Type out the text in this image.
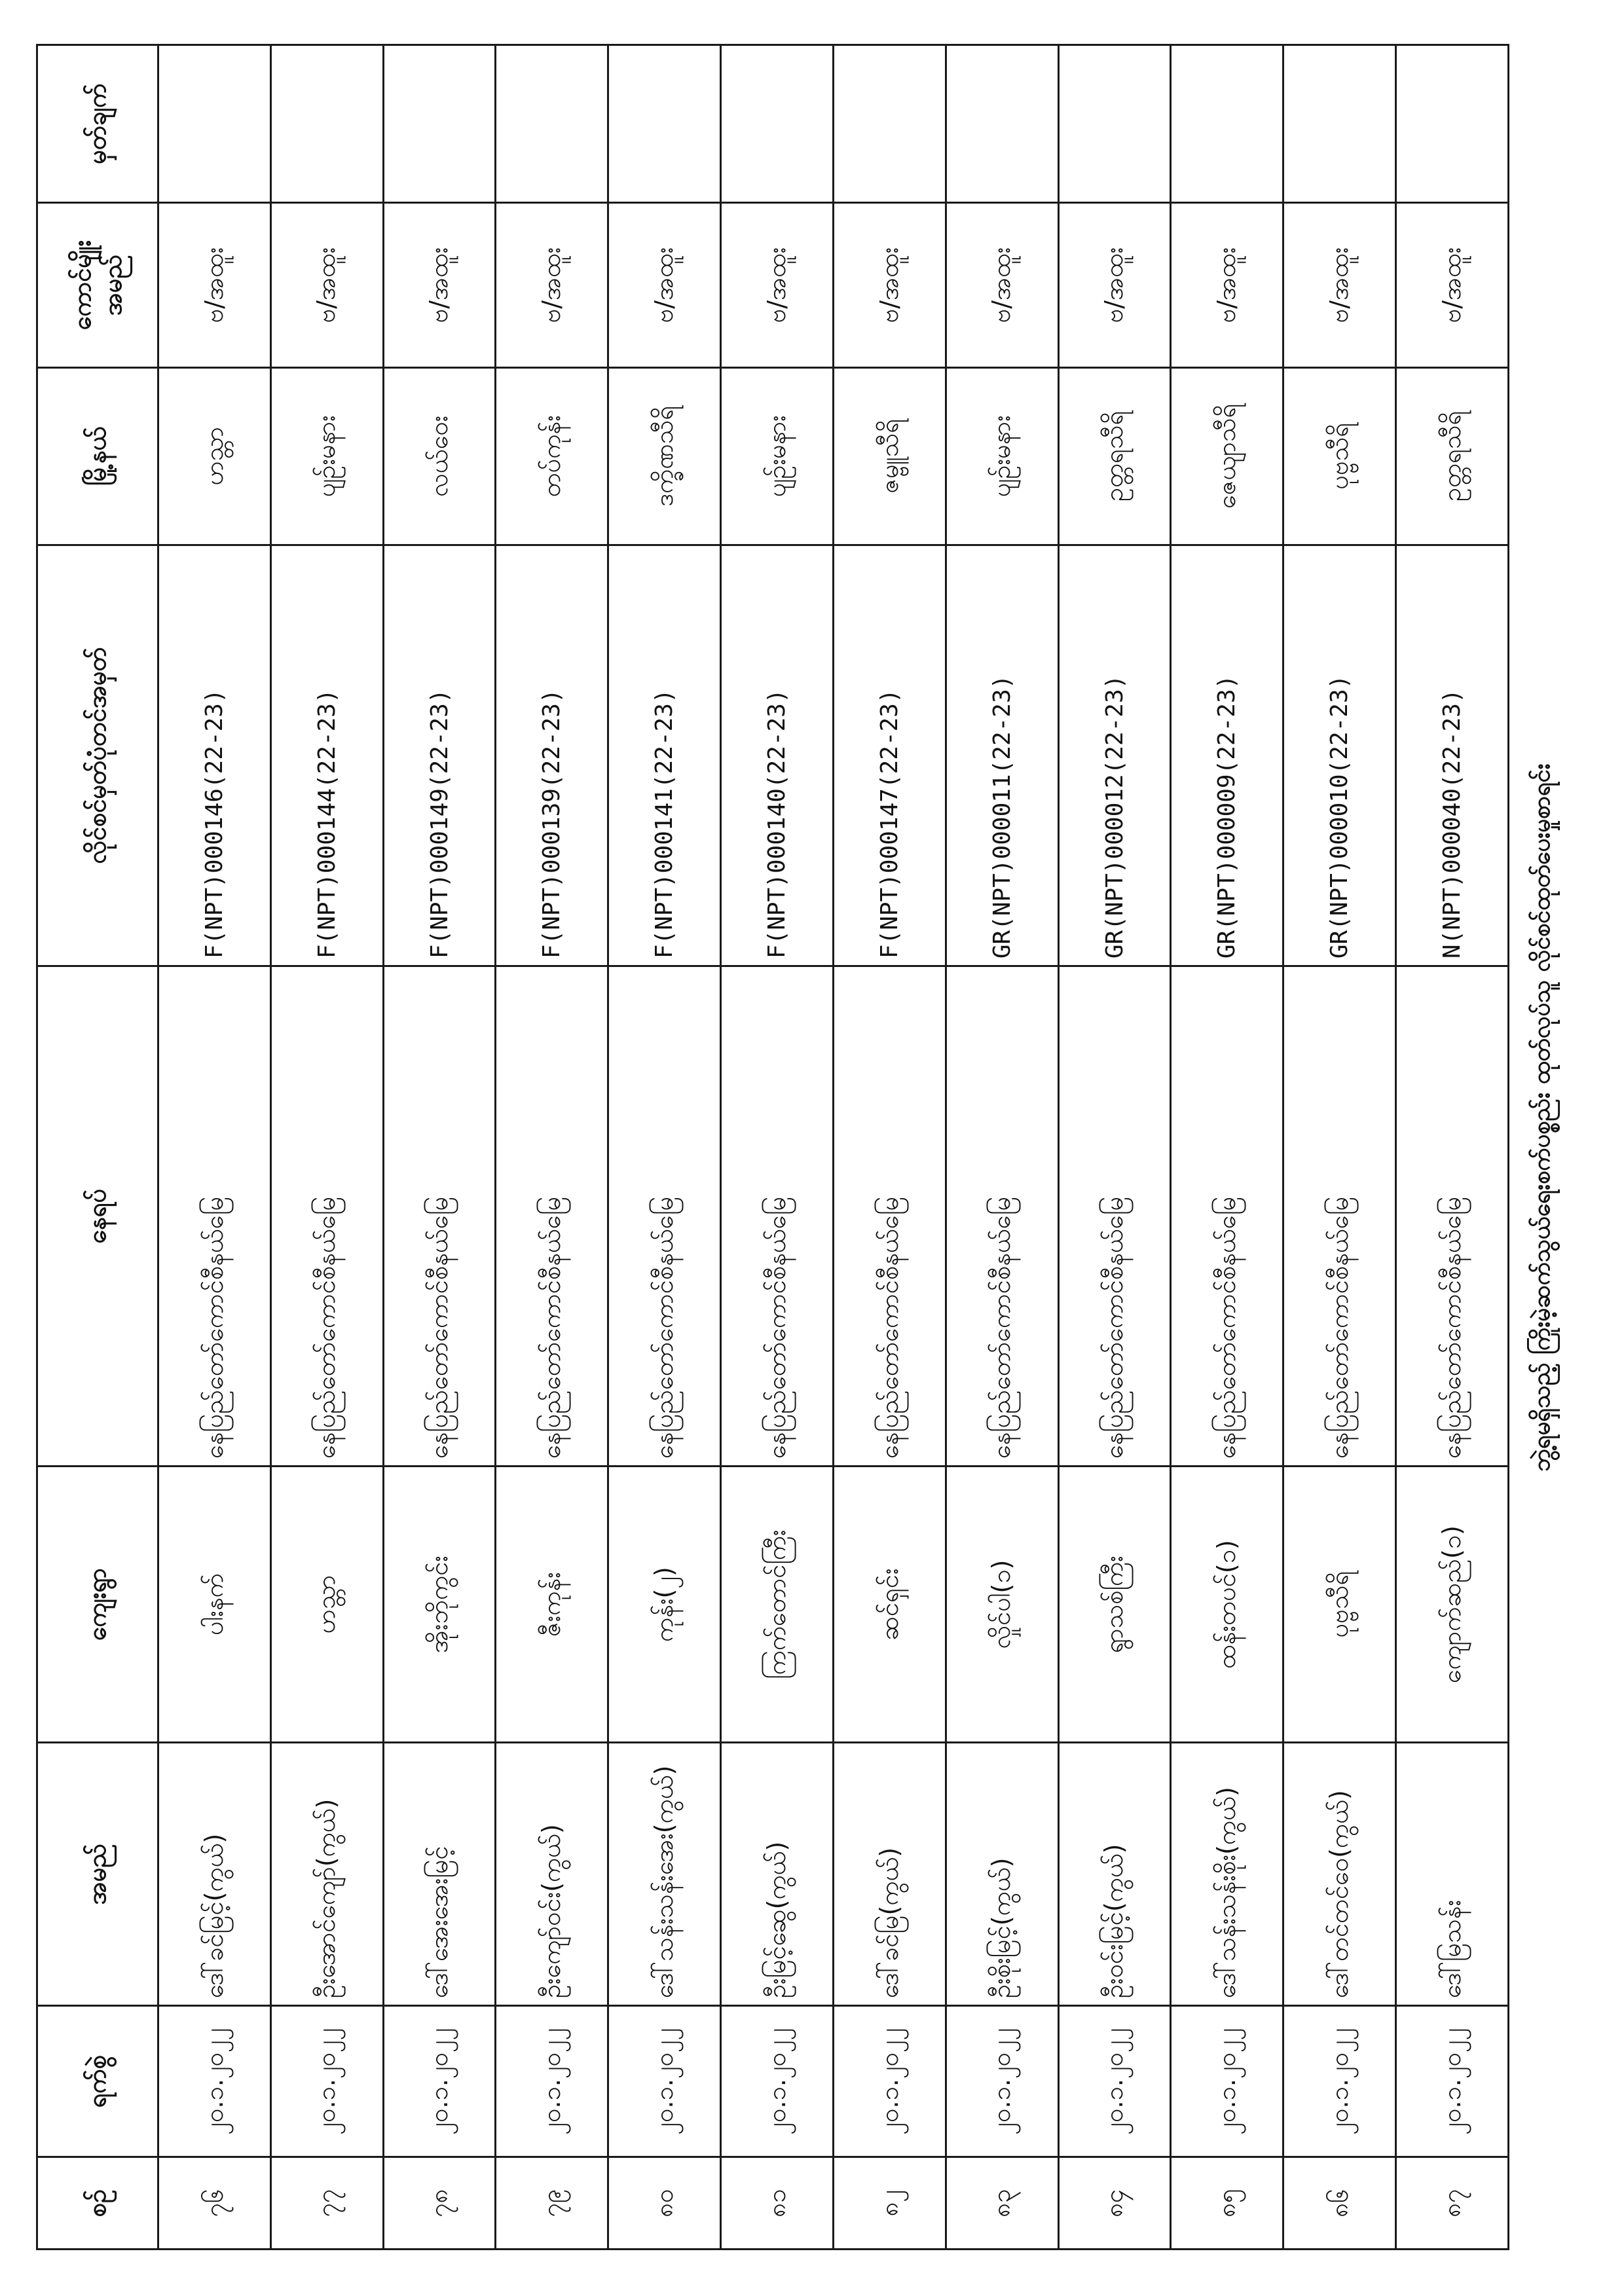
စဉ်	ရက်စွဲ	အမည်	ကျေးရွာ	နေရပ်	လိုင်စင်မှတ်ပုံတင်အမှတ်	မြို့နယ်	ကောင်မျိုးအမည်	မှတ်ချက်
၇၆	၂၀.၁.၂၀၂၂	ဒေါ်ခင်မြင့်(ကွယ်)	ပါးနက်	နေပြည်တော်ကောင်စီနယ်မြေ	F(NPT)000146(22-23)	ဟသ္တာ	ဗ/အထူး	
၇၇	၂၀.၁.၂၀၂၂	ဦးအောင်ကျော်(ကွယ်)	ဟသ္တာ	နေပြည်တော်ကောင်စီနယ်မြေ	F(NPT)000144(22-23)	ပျဉ်းမနား	ဗ/အထူး	
၇၈	၂၀.၁.၂၀၂၂	ဒေါ်အေးအေးမြင့်	အိုးဘိုကွင်း	နေပြည်တော်ကောင်စီနယ်မြေ	F(NPT)000149(22-23)	လယ်ဝေး	ဗ/အထူး	
၇၉	၂၀.၁.၂၀၂၂	ဦးကျော်ဝင်း(ကွယ်)	ဇီးကုန်း	နေပြည်တော်ကောင်စီနယ်မြေ	F(NPT)000139(22-23)	တပ်ကုန်း	ဗ/အထူး	
၈၀	၂၀.၁.၂၀၂၂	ဒေါ်သန်းသန်းအေး(ကွယ်)	ကုန်း(၂)	နေပြည်တော်ကောင်စီနယ်မြေ	F(NPT)000141(22-23)	ဒက္ခိဏသီရိ	ဗ/အထူး	
၈၁	၂၀.၁.၂၀၂၂	ဦးမြင့်ဆွေ(ကွယ်)	ကြက်တောင်ကြီး	နေပြည်တော်ကောင်စီနယ်မြေ	F(NPT)000140(22-23)	ပျဉ်းမနား	ဗ/အထူး	
၈၂	၂၀.၁.၂၀၂၂	ဒေါ်ခင်မြ(ကွယ်)	ဆင်ရှင်း	နေပြည်တော်ကောင်စီနယ်မြေ	F(NPT)000147(22-23)	ဇမ္ဗူသီရိ	ဗ/အထူး	
၈၃	၂၀.၁.၂၀၂၂	ဦးစိုးမြင့်(ကွယ်)	လှိုင်ပါ(၁)	နေပြည်တော်ကောင်စီနယ်မြေ	GR(NPT)000011(22-23)	ပျဉ်းမနား	ဗ/အထူး	
၈၄	၂၀.၁.၂၀၂၂	ဦးဝင်းမြင့်(ကွယ်)	ရွာသစ်ကြီး	နေပြည်တော်ကောင်စီနယ်မြေ	GR(NPT)000012(22-23)	ဥတ္တရသီရိ	ဗ/အထူး	
၈၅	၂၀.၁.၂၀၂၂	ဒေါ်သန်းသန်းစိုး(ကွယ်)	ထန်းတပင်(၁)	နေပြည်တော်ကောင်စီနယ်မြေ	GR(NPT)000009(22-23)	ဇေယျာသီရိ	ဗ/အထူး	
၈၆	၂၀.၁.၂၀၂၂	ဒေါ်တင်တင်ဝေ(ကွယ်)	ပုဗ္ဗသီရိ	နေပြည်တော်ကောင်စီနယ်မြေ	GR(NPT)000010(22-23)	ပုဗ္ဗသီရိ	ဗ/အထူး	
၈၇	၂၀.၁.၂၀၂၂	ဒေါ်မြသန်း	ကျောက်ဆည်(၁)	နေပြည်တော်ကောင်စီနယ်မြေ	N(NPT)000040(22-23)	ဥတ္တရသီရိ	ဗ/အထူး	
ဘွဲ့ရမရှိသည့် ကြိုးမဲ့ဆက်သွယ်ရေးစက်ပစ္စည်း ထုတ်လုပ်သူ လိုင်စင်ထုတ်ပေးမှုစာရင်း
